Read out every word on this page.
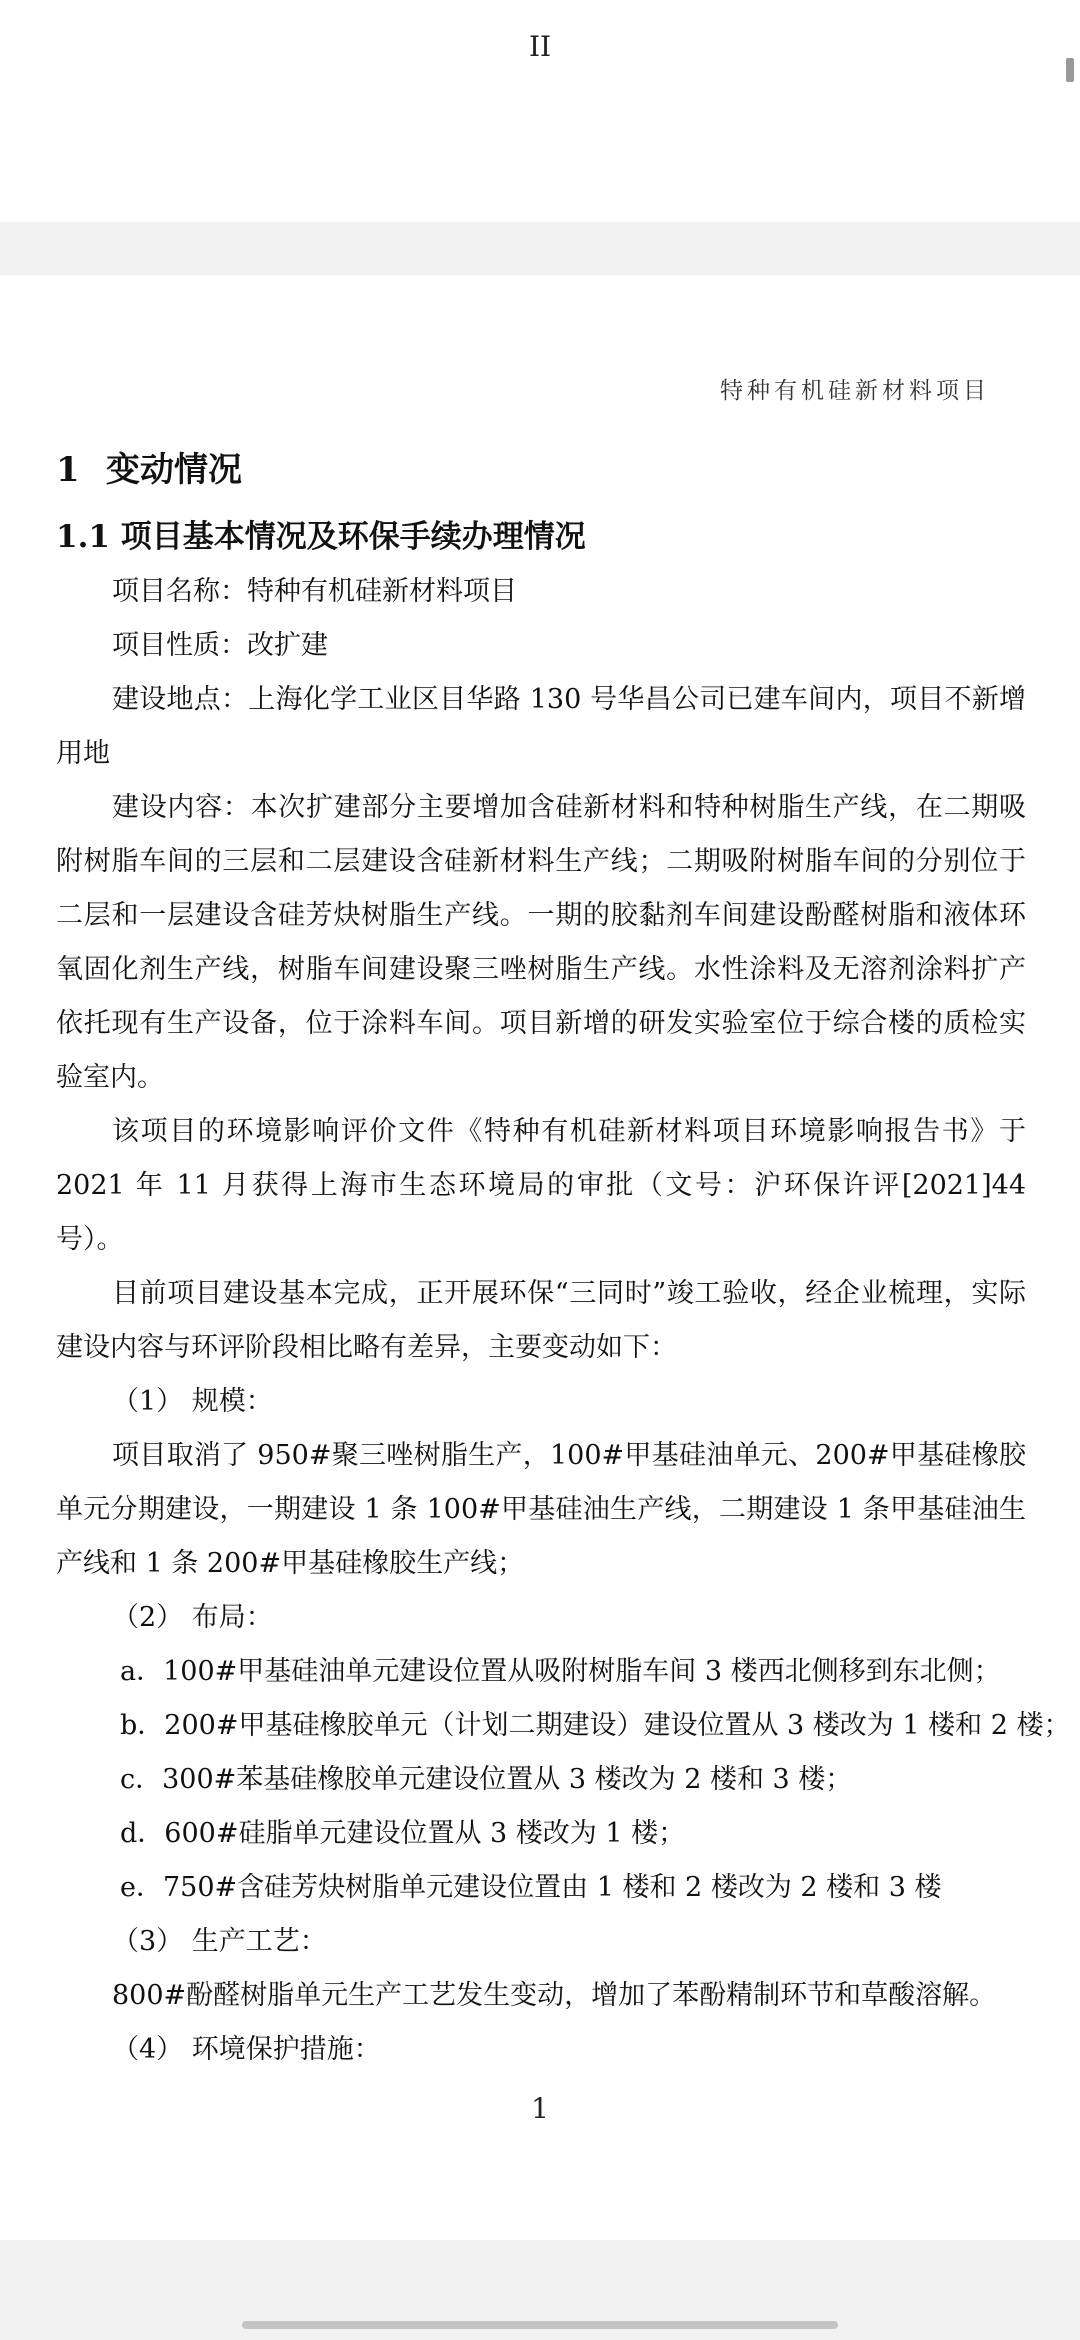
II
特种有机硅新材料项目
1 变动情况
1.1 项目基本情况及环保手续办理情况

项目名称：特种有机硅新材料项目

项目性质：改扩建

建设地点：上海化学工业区目华路 130 号华昌公司已建车间内，项目不新增用地

建设内容：本次扩建部分主要增加含硅新材料和特种树脂生产线，在二期吸附树脂车间的三层和二层建设含硅新材料生产线；二期吸附树脂车间的分别位于二层和一层建设含硅芳炔树脂生产线。一期的胶黏剂车间建设酚醛树脂和液体环氧固化剂生产线，树脂车间建设聚三唑树脂生产线。水性涂料及无溶剂涂料扩产依托现有生产设备，位于涂料车间。项目新增的研发实验室位于综合楼的质检实验室内。

该项目的环境影响评价文件《特种有机硅新材料项目环境影响报告书》于 2021 年 11 月获得上海市生态环境局的审批（文号：沪环保许评[2021]44 号）。

目前项目建设基本完成，正开展环保“三同时”竣工验收，经企业梳理，实际建设内容与环评阶段相比略有差异，主要变动如下：

（1） 规模：

项目取消了 950#聚三唑树脂生产，100#甲基硅油单元、200#甲基硅橡胶单元分期建设，一期建设 1 条 100#甲基硅油生产线，二期建设 1 条甲基硅油生产线和 1 条 200#甲基硅橡胶生产线；

（2） 布局：

a．100#甲基硅油单元建设位置从吸附树脂车间 3 楼西北侧移到东北侧；

b．200#甲基硅橡胶单元（计划二期建设）建设位置从 3 楼改为 1 楼和 2 楼；

c．300#苯基硅橡胶单元建设位置从 3 楼改为 2 楼和 3 楼；

d．600#硅脂单元建设位置从 3 楼改为 1 楼；

e．750#含硅芳炔树脂单元建设位置由 1 楼和 2 楼改为 2 楼和 3 楼

（3） 生产工艺：

800#酚醛树脂单元生产工艺发生变动，增加了苯酚精制环节和草酸溶解。

（4） 环境保护措施：

1
